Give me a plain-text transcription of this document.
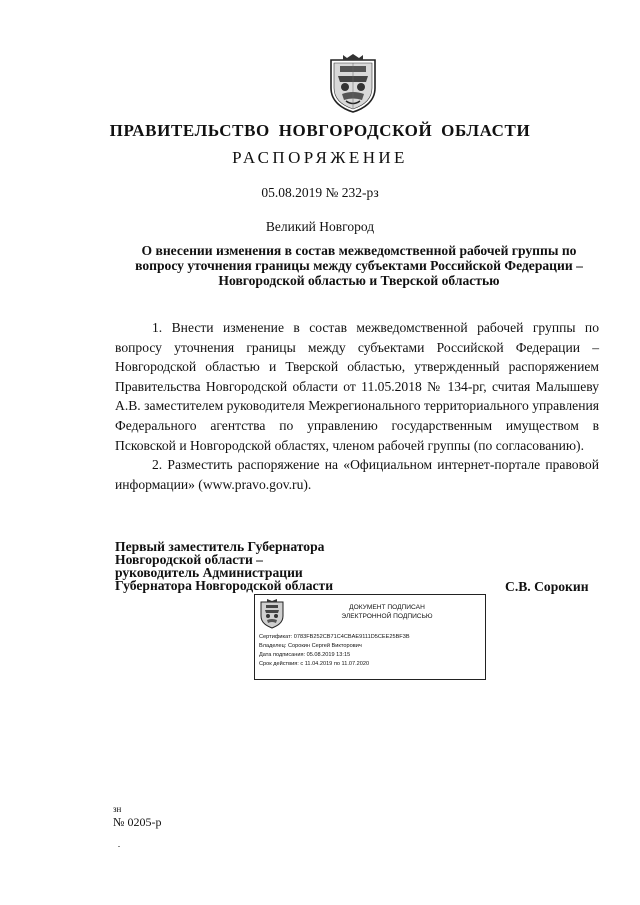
ПРАВИТЕЛЬСТВО НОВГОРОДСКОЙ ОБЛАСТИ
РАСПОРЯЖЕНИЕ
05.08.2019 № 232-рз
Великий Новгород
О внесении изменения в состав межведомственной рабочей группы по
вопросу уточнения границы между субъектами Российской Федерации –
Новгородской областью и Тверской областью

1. Внести изменение в состав межведомственной рабочей группы по вопросу уточнения границы между субъектами Российской Федерации – Новгородской областью и Тверской областью, утвержденный распоряжением Правительства Новгородской области от 11.05.2018 № 134-рг, считая Малышеву А.В. заместителем руководителя Межрегионального территориального управления Федерального агентства по управлению государственным имуществом в Псковской и Новгородской областях, членом рабочей группы (по согласованию).

2. Разместить распоряжение на «Официальном интернет-портале правовой информации» (www.pravo.gov.ru).

Первый заместитель Губернатора
Новгородской области –
руководитель Администрации
Губернатора Новгородской области	С.В. Сорокин
ДОКУМЕНТ ПОДПИСАН
ЭЛЕКТРОННОЙ ПОДПИСЬЮ
Сертификат: 0783FB252CB71C4CBAE9111D5CEE25BF3B
Владелец: Сорокин Сергей Викторович
Дата подписания: 05.08.2019 13:15
Срок действия: с 11.04.2019 по 11.07.2020
зн
№ 0205-р
